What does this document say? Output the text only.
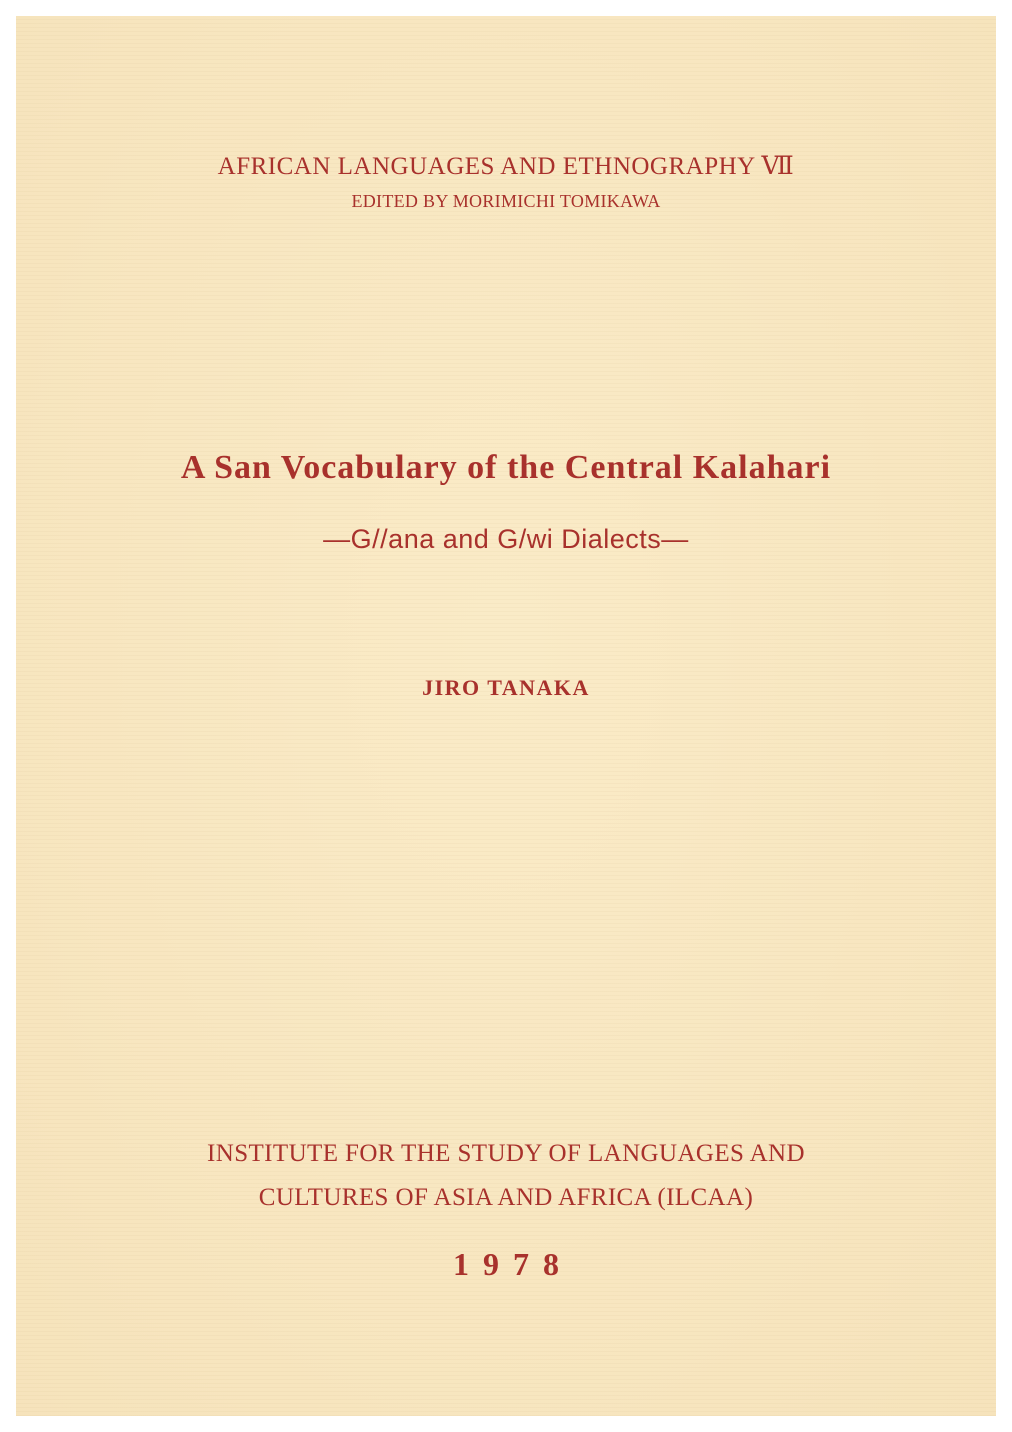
AFRICAN LANGUAGES AND ETHNOGRAPHY Ⅶ
EDITED BY MORIMICHI TOMIKAWA
A San Vocabulary of the Central Kalahari
—G//ana and G/wi Dialects—
JIRO TANAKA
INSTITUTE FOR THE STUDY OF LANGUAGES AND
CULTURES OF ASIA AND AFRICA (ILCAA)
1978
